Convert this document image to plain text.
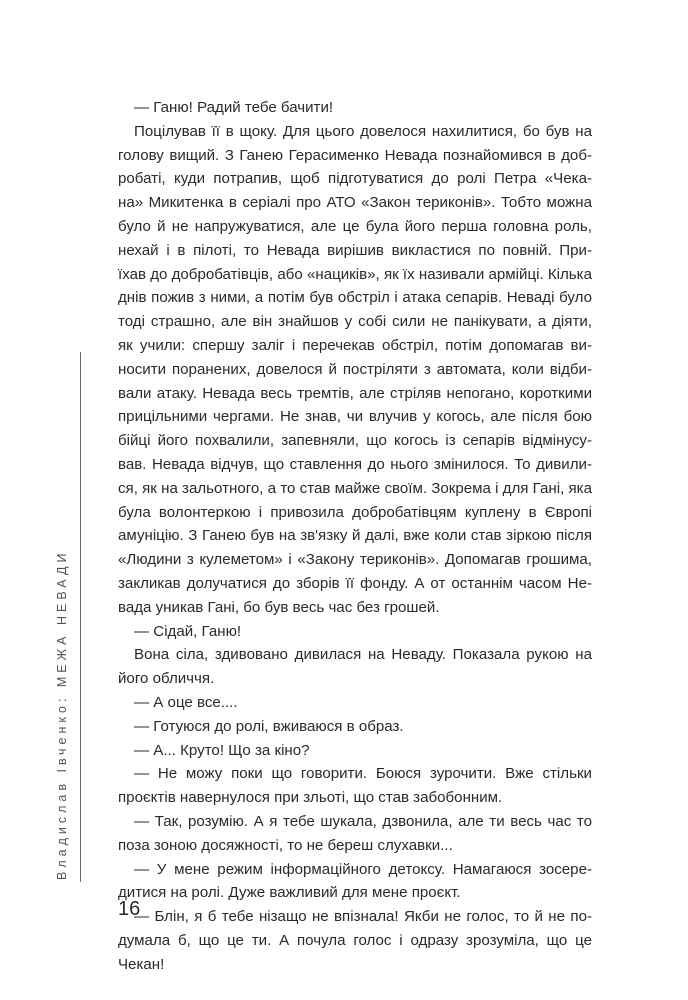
Владислав Івченко: МЕЖА НЕВАДИ
— Ганю! Радий тебе бачити!
Поцілував її в щоку. Для цього довелося нахилитися, бо був на
голову вищий. З Ганею Герасименко Невада познайомився в доб-
робаті, куди потрапив, щоб підготуватися до ролі Петра «Чека-
на» Микитенка в серіалі про АТО «Закон териконів». Тобто можна
було й не напружуватися, але це була його перша головна роль,
нехай і в пілоті, то Невада вирішив викластися по повній. При-
їхав до добробатівців, або «нациків», як їх називали армійці. Кілька
днів пожив з ними, а потім був обстріл і атака сепарів. Неваді було
тоді страшно, але він знайшов у собі сили не панікувати, а діяти,
як учили: спершу заліг і перечекав обстріл, потім допомагав ви-
носити поранених, довелося й постріляти з автомата, коли відби-
вали атаку. Невада весь тремтів, але стріляв непогано, короткими
прицільними чергами. Не знав, чи влучив у когось, але після бою
бійці його похвалили, запевняли, що когось із сепарів відмінусу-
вав. Невада відчув, що ставлення до нього змінилося. То дивили-
ся, як на зальотного, а то став майже своїм. Зокрема і для Гані, яка
була волонтеркою і привозила добробатівцям куплену в Європі
амуніцію. З Ганею був на зв'язку й далі, вже коли став зіркою після
«Людини з кулеметом» і «Закону териконів». Допомагав грошима,
закликав долучатися до зборів її фонду. А от останнім часом Не-
вада уникав Гані, бо був весь час без грошей.
— Сідай, Ганю!
Вона сіла, здивовано дивилася на Неваду. Показала рукою на
його обличчя.
— А оце все....
— Готуюся до ролі, вживаюся в образ.
— А... Круто! Що за кіно?
— Не можу поки що говорити. Боюся зурочити. Вже стільки
проєктів навернулося при зльоті, що став забобонним.
— Так, розумію. А я тебе шукала, дзвонила, але ти весь час то
поза зоною досяжності, то не береш слухавки...
— У мене режим інформаційного детоксу. Намагаюся зосере-
дитися на ролі. Дуже важливий для мене проєкт.
— Блін, я б тебе нізащо не впізнала! Якби не голос, то й не по-
думала б, що це ти. А почула голос і одразу зрозуміла, що це
Чекан!
16
